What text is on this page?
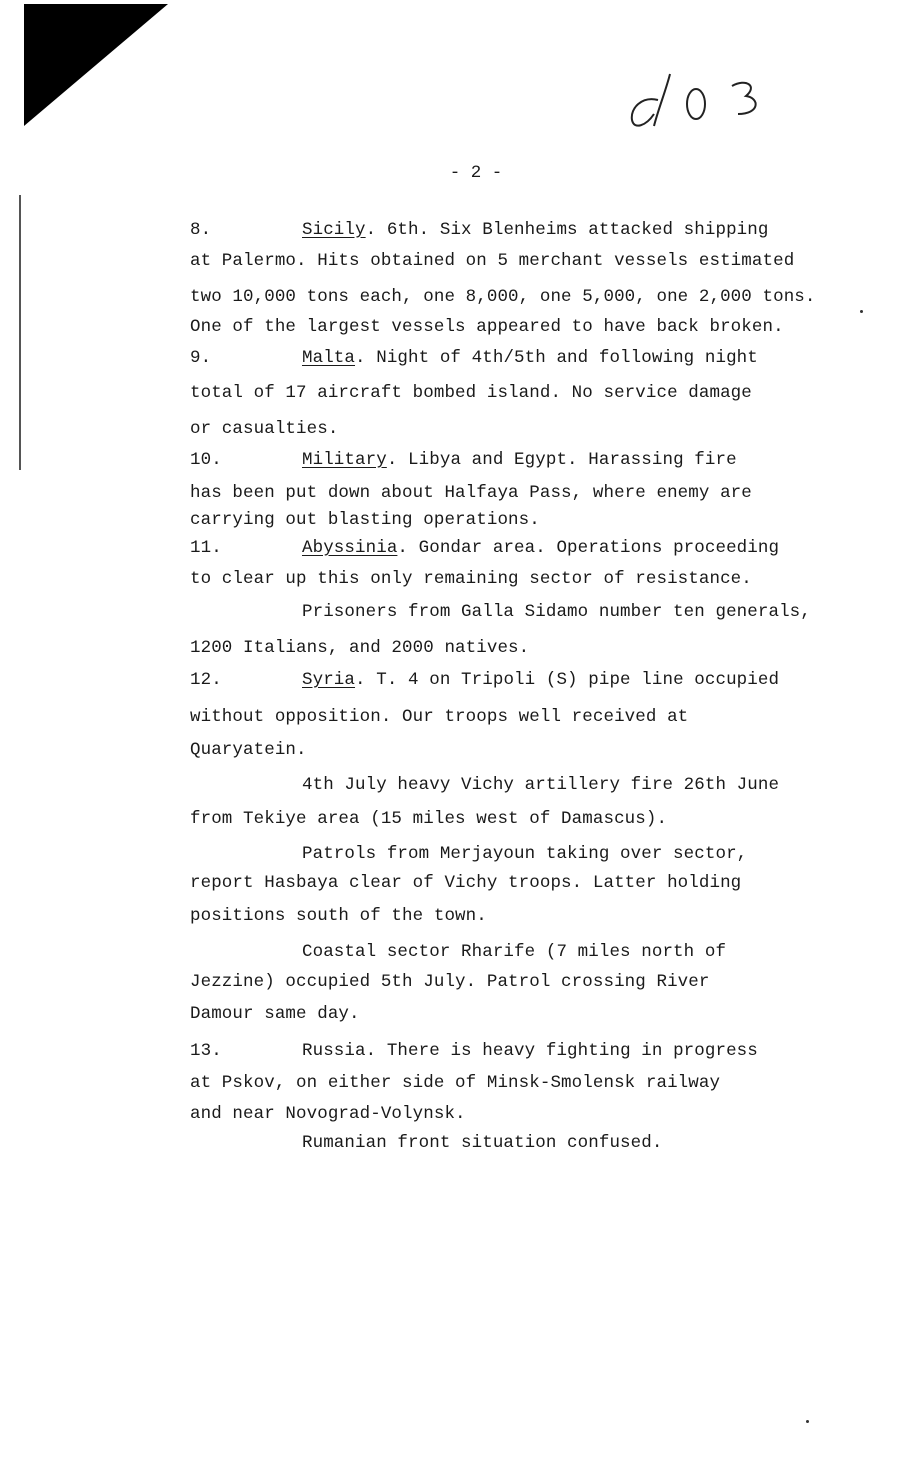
- 2 -
8.	Sicily. 6th. Six Blenheims attacked shipping
at Palermo. Hits obtained on 5 merchant vessels estimated
two 10,000 tons each, one 8,000, one 5,000, one 2,000 tons.
One of the largest vessels appeared to have back broken.
9.	Malta. Night of 4th/5th and following night
total of 17 aircraft bombed island. No service damage
or casualties.
10.	Military. Libya and Egypt. Harassing fire
has been put down about Halfaya Pass, where enemy are
carrying out blasting operations.
11.	Abyssinia. Gondar area. Operations proceeding
to clear up this only remaining sector of resistance.
Prisoners from Galla Sidamo number ten generals,
1200 Italians, and 2000 natives.
12.	Syria. T. 4 on Tripoli (S) pipe line occupied
without opposition. Our troops well received at
Quaryatein.
4th July heavy Vichy artillery fire 26th June
from Tekiye area (15 miles west of Damascus).
Patrols from Merjayoun taking over sector,
report Hasbaya clear of Vichy troops. Latter holding
positions south of the town.
Coastal sector Rharife (7 miles north of
Jezzine) occupied 5th July. Patrol crossing River
Damour same day.
13.	Russia. There is heavy fighting in progress
at Pskov, on either side of Minsk-Smolensk railway
and near Novograd-Volynsk.
Rumanian front situation confused.
